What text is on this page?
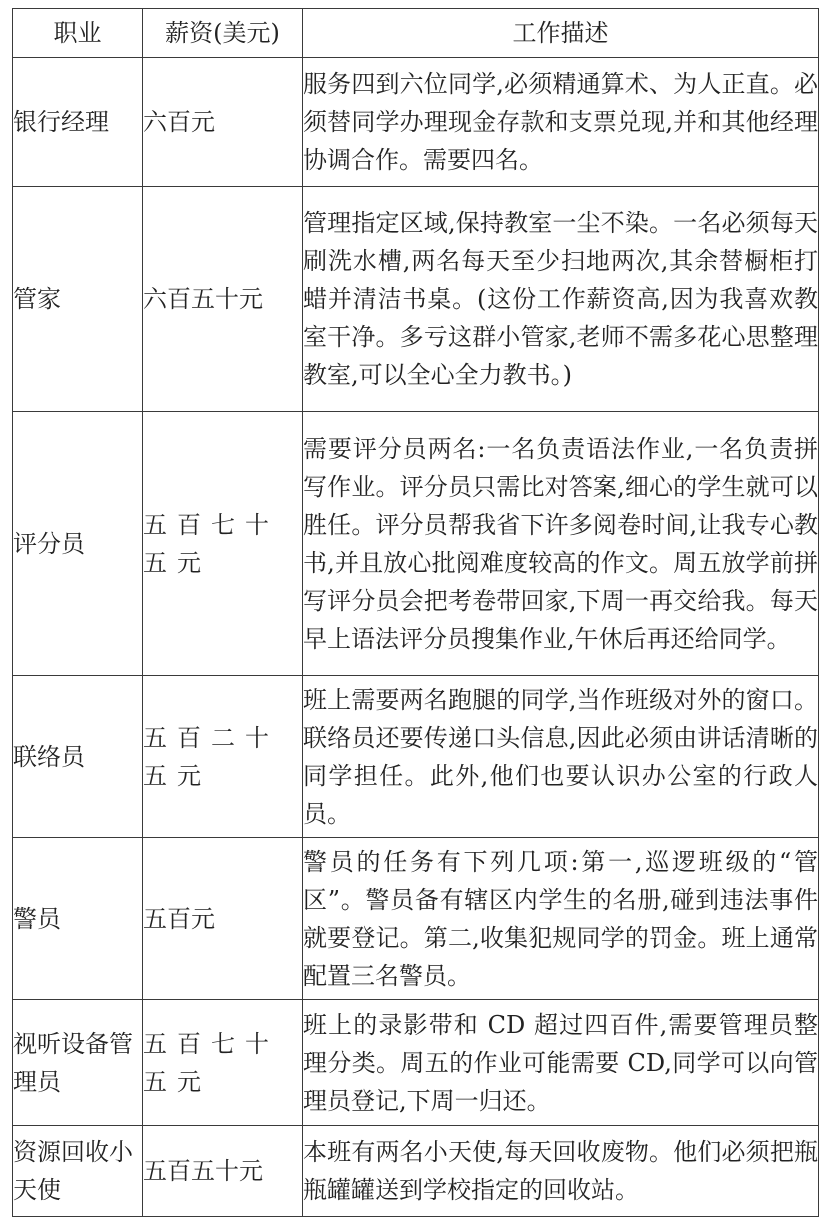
职业	薪资(美元)	工作描述
银行经理	六百元	服务四到六位同学,必须精通算术、为人正直。必须替同学办理现金存款和支票兑现,并和其他经理协调合作。需要四名。
管家	六百五十元	管理指定区域,保持教室一尘不染。一名必须每天刷洗水槽,两名每天至少扫地两次,其余替橱柜打蜡并清洁书桌。(这份工作薪资高,因为我喜欢教室干净。多亏这群小管家,老师不需多花心思整理教室,可以全心全力教书。)
评分员	五百七十五元	需要评分员两名:一名负责语法作业,一名负责拼写作业。评分员只需比对答案,细心的学生就可以胜任。评分员帮我省下许多阅卷时间,让我专心教书,并且放心批阅难度较高的作文。周五放学前拼写评分员会把考卷带回家,下周一再交给我。每天早上语法评分员搜集作业,午休后再还给同学。
联络员	五百二十五元	班上需要两名跑腿的同学,当作班级对外的窗口。联络员还要传递口头信息,因此必须由讲话清晰的同学担任。此外,他们也要认识办公室的行政人员。
警员	五百元	警员的任务有下列几项:第一,巡逻班级的“管区”。警员备有辖区内学生的名册,碰到违法事件就要登记。第二,收集犯规同学的罚金。班上通常配置三名警员。
视听设备管理员	五百七十五元	班上的录影带和 CD 超过四百件,需要管理员整理分类。周五的作业可能需要 CD,同学可以向管理员登记,下周一归还。
资源回收小天使	五百五十元	本班有两名小天使,每天回收废物。他们必须把瓶瓶罐罐送到学校指定的回收站。
